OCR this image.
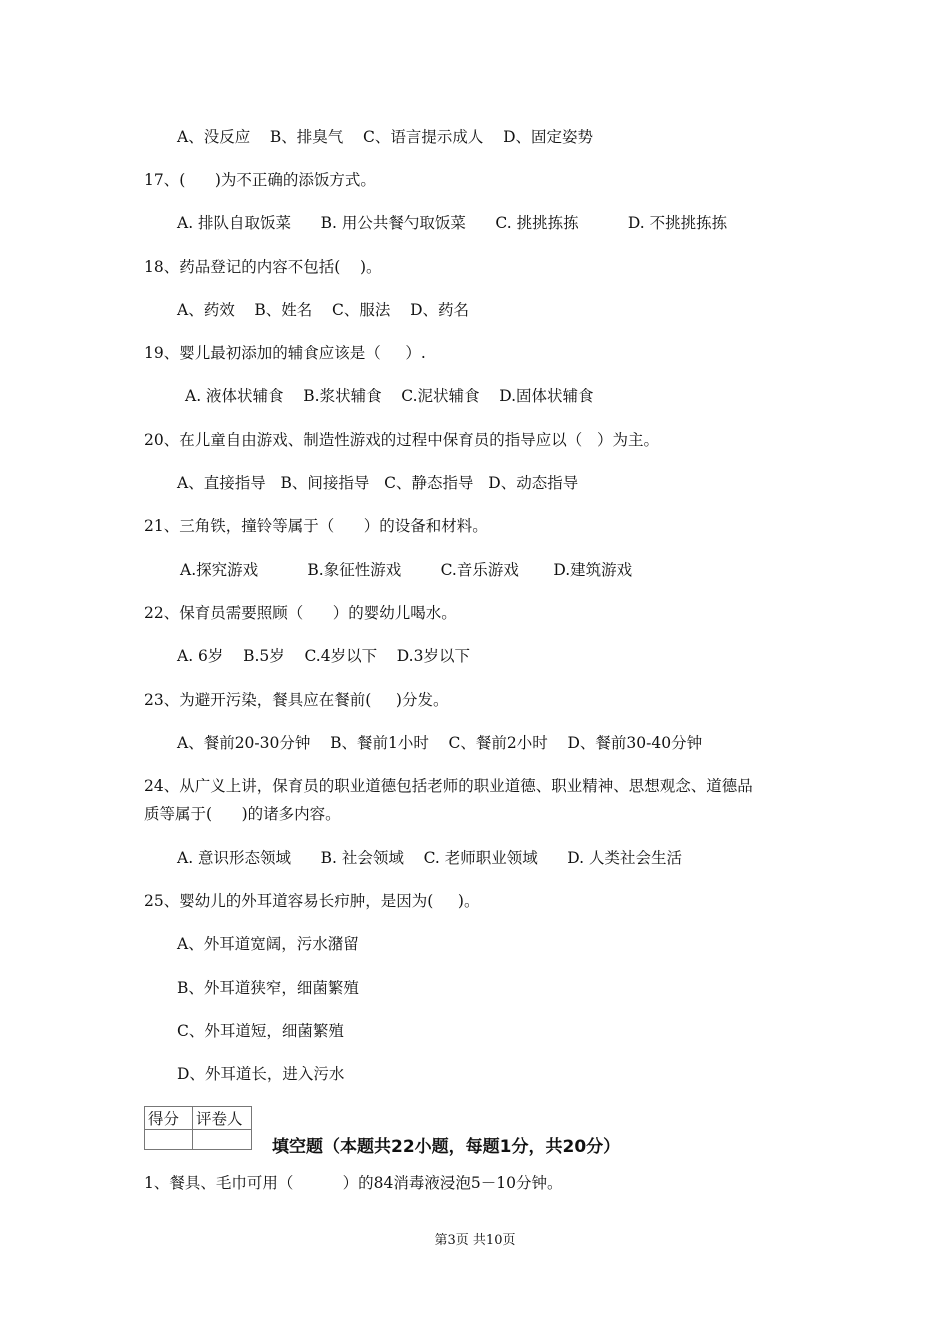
A、没反应    B、排臭气    C、语言提示成人    D、固定姿势
17、(      )为不正确的添饭方式。
A. 排队自取饭菜      B. 用公共餐勺取饭菜      C. 挑挑拣拣          D. 不挑挑拣拣
18、药品登记的内容不包括(    )。
A、药效    B、姓名    C、服法    D、药名
19、婴儿最初添加的辅食应该是（     ）.
A. 液体状辅食    B.浆状辅食    C.泥状辅食    D.固体状辅食
20、在儿童自由游戏、制造性游戏的过程中保育员的指导应以（   ）为主。
A、直接指导   B、间接指导   C、静态指导   D、动态指导
21、三角铁，撞铃等属于（      ）的设备和材料。
A.探究游戏          B.象征性游戏        C.音乐游戏       D.建筑游戏
22、保育员需要照顾（      ）的婴幼儿喝水。
A. 6岁    B.5岁    C.4岁以下    D.3岁以下
23、为避开污染，餐具应在餐前(     )分发。
A、餐前20-30分钟    B、餐前1小时    C、餐前2小时    D、餐前30-40分钟
24、从广义上讲，保育员的职业道德包括老师的职业道德、职业精神、思想观念、道德品
质等属于(      )的诸多内容。
A. 意识形态领域      B. 社会领域    C. 老师职业领域      D. 人类社会生活
25、婴幼儿的外耳道容易长疖肿，是因为(     )。
A、外耳道宽阔，污水潴留
B、外耳道狭窄，细菌繁殖
C、外耳道短，细菌繁殖
D、外耳道长，进入污水
得分	评卷人

填空题（本题共22小题，每题1分，共20分）
1、餐具、毛巾可用（          ）的84消毒液浸泡5－10分钟。
第3页 共10页
